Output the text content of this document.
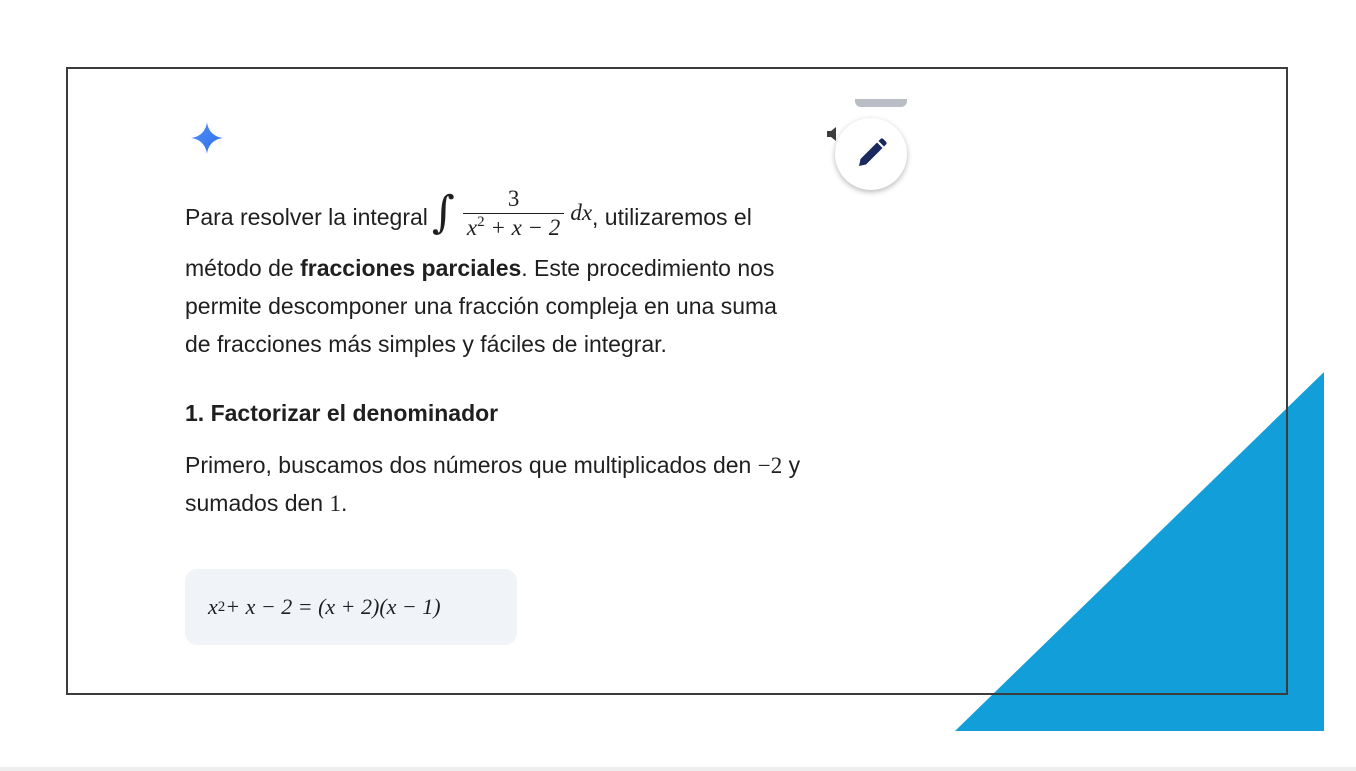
Para resolver la integral ∫ $\frac{3}{x^2 + x - 2}$ dx , utilizaremos el
método de fracciones parciales. Este procedimiento nos
permite descomponer una fracción compleja en una suma
de fracciones más simples y fáciles de integrar.
1. Factorizar el denominador
Primero, buscamos dos números que multiplicados den −2 y
sumados den 1.
x 2 + x − 2 = (x + 2)(x − 1)
